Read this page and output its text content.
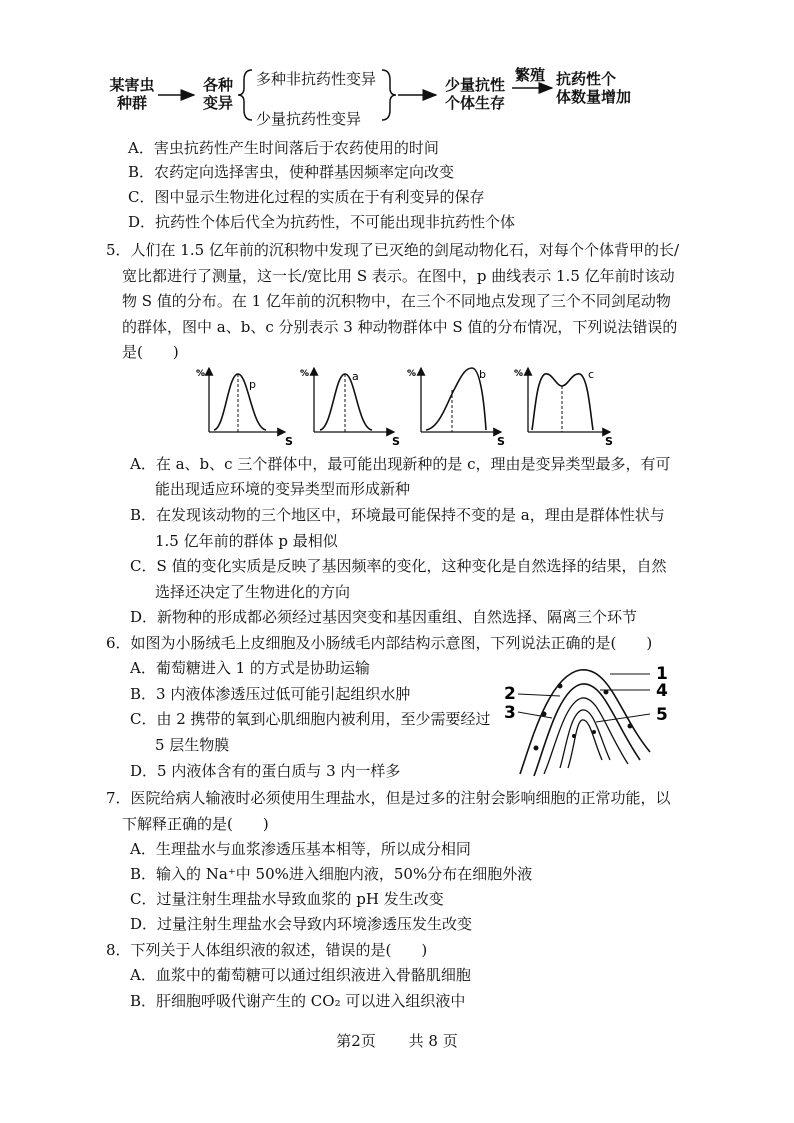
某害虫
种群
各种
变异
多种非抗药性变异
少量抗药性变异
少量抗性
个体生存
繁殖 抗药性个
体数量增加
A．害虫抗药性产生时间落后于农药使用的时间
B．农药定向选择害虫，使种群基因频率定向改变
C．图中显示生物进化过程的实质在于有利变异的保存
D．抗药性个体后代全为抗药性，不可能出现非抗药性个体
5．人们在 1.5 亿年前的沉积物中发现了已灭绝的剑尾动物化石，对每个个体背甲的长/
宽比都进行了测量，这一长/宽比用 S 表示。在图中，p 曲线表示 1.5 亿年前时该动
物 S 值的分布。在 1 亿年前的沉积物中，在三个不同地点发现了三个不同剑尾动物
的群体，图中 a、b、c 分别表示 3 种动物群体中 S 值的分布情况，下列说法错误的
是(　　)
%
S
p
%
S
a	%
S
b	%
S
c
A．在 a、b、c 三个群体中，最可能出现新种的是 c，理由是变异类型最多，有可
能出现适应环境的变异类型而形成新种
B．在发现该动物的三个地区中，环境最可能保持不变的是 a，理由是群体性状与
1.5 亿年前的群体 p 最相似
C．S 值的变化实质是反映了基因频率的变化，这种变化是自然选择的结果，自然
选择还决定了生物进化的方向
D．新物种的形成都必须经过基因突变和基因重组、自然选择、隔离三个环节
6．如图为小肠绒毛上皮细胞及小肠绒毛内部结构示意图，下列说法正确的是(　　)
A．葡萄糖进入 1 的方式是协助运输
B．3 内液体渗透压过低可能引起组织水肿
C．由 2 携带的氧到心肌细胞内被利用，至少需要经过
5 层生物膜
D．5 内液体含有的蛋白质与 3 内一样多
1
2
3
4
5
7．医院给病人输液时必须使用生理盐水，但是过多的注射会影响细胞的正常功能，以
下解释正确的是(　　)
A．生理盐水与血浆渗透压基本相等，所以成分相同
B．输入的 Na⁺中 50%进入细胞内液，50%分布在细胞外液
C．过量注射生理盐水导致血浆的 pH 发生改变
D．过量注射生理盐水会导致内环境渗透压发生改变
8．下列关于人体组织液的叙述，错误的是(　　)
A．血浆中的葡萄糖可以通过组织液进入骨骼肌细胞
B．肝细胞呼吸代谢产生的 CO₂ 可以进入组织液中
第2页 共 8 页
